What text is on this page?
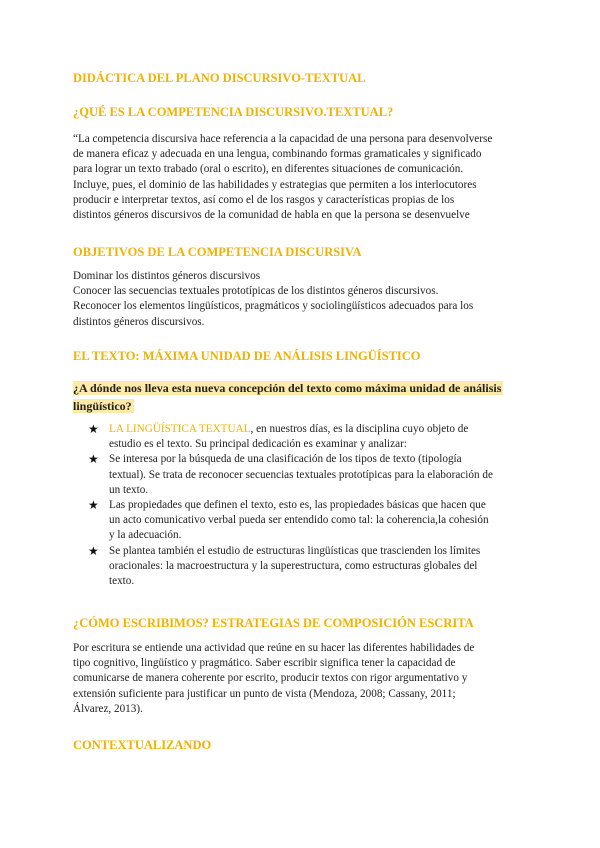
DIDÁCTICA DEL PLANO DISCURSIVO-TEXTUAL
¿QUÉ ES LA COMPETENCIA DISCURSIVO.TEXTUAL?

“La competencia discursiva hace referencia a la capacidad de una persona para desenvolverse

de manera eficaz y adecuada en una lengua, combinando formas gramaticales y significado

para lograr un texto trabado (oral o escrito), en diferentes situaciones de comunicación.

Incluye, pues, el dominio de las habilidades y estrategias que permiten a los interlocutores

producir e interpretar textos, así como el de los rasgos y características propias de los

distintos géneros discursivos de la comunidad de habla en que la persona se desenvuelve

OBJETIVOS DE LA COMPETENCIA DISCURSIVA

Dominar los distintos géneros discursivos

Conocer las secuencias textuales prototípicas de los distintos géneros discursivos.

Reconocer los elementos lingüísticos, pragmáticos y sociolingüísticos adecuados para los

distintos géneros discursivos.

EL TEXTO: MÁXIMA UNIDAD DE ANÁLISIS LINGÜÍSTICO
¿A dónde nos lleva esta nueva concepción del texto como máxima unidad de análisis
lingüístico?
★ LA LINGÜÍSTICA TEXTUAL, en nuestros días, es la disciplina cuyo objeto de
estudio es el texto. Su principal dedicación es examinar y analizar:
★ Se interesa por la búsqueda de una clasificación de los tipos de texto (tipología
textual). Se trata de reconocer secuencias textuales prototípicas para la elaboración de
un texto.
★ Las propiedades que definen el texto, esto es, las propiedades básicas que hacen que
un acto comunicativo verbal pueda ser entendido como tal: la coherencia,la cohesión
y la adecuación.
★ Se plantea también el estudio de estructuras lingüísticas que trascienden los límites
oracionales: la macroestructura y la superestructura, como estructuras globales del
texto.
¿CÓMO ESCRIBIMOS? ESTRATEGIAS DE COMPOSICIÓN ESCRITA

Por escritura se entiende una actividad que reúne en su hacer las diferentes habilidades de

tipo cognitivo, lingüístico y pragmático. Saber escribir significa tener la capacidad de

comunicarse de manera coherente por escrito, producir textos con rigor argumentativo y

extensión suficiente para justificar un punto de vista (Mendoza, 2008; Cassany, 2011;

Álvarez, 2013).

CONTEXTUALIZANDO
